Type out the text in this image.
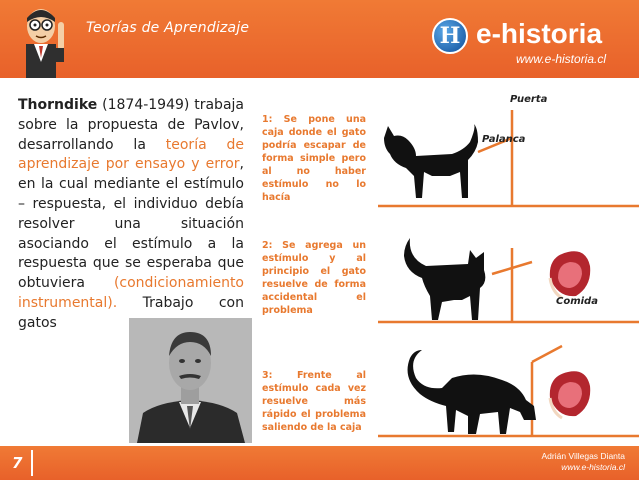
Teorías de Aprendizaje	H e-historia
www.e-historia.cl
Thorndike (1874-1949) trabaja sobre la propuesta de Pavlov, desarrollando la teoría de aprendizaje por ensayo y error, en la cual mediante el estímulo – respuesta, el individuo debía resolver una situación asociando el estímulo a la respuesta que se esperaba que obtuviera (condicionamiento instrumental). Trabajo con gatos
1: Se pone una caja donde el gato podría escapar de forma simple pero al no haber estímulo no lo hacía
2: Se agrega un estímulo y al principio el gato resuelve de forma accidental el problema
3: Frente al estímulo cada vez resuelve más rápido el problema saliendo de la caja
Puerta
Palanca
Comida
7	Adrián Villegas Dianta
www.e-historia.cl
